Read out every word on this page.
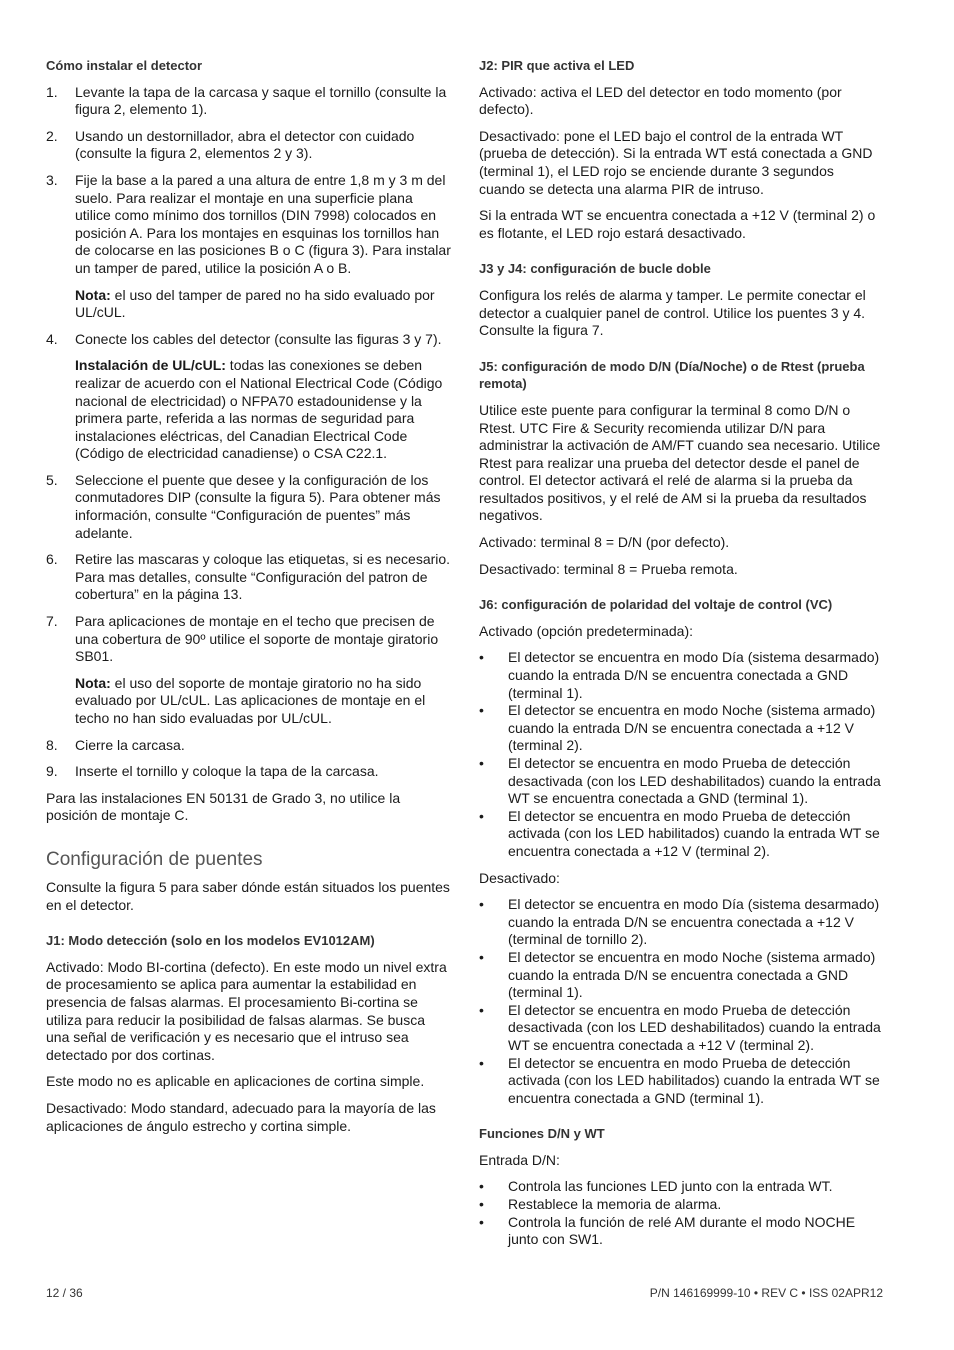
Cómo instalar el detector
1. Levante la tapa de la carcasa y saque el tornillo (consulte la figura 2, elemento 1).

2. Usando un destornillador, abra el detector con cuidado (consulte la figura 2, elementos 2 y 3).

3. Fije la base a la pared a una altura de entre 1,8 m y 3 m del suelo. Para realizar el montaje en una superficie plana utilice como mínimo dos tornillos (DIN 7998) colocados en posición A. Para los montajes en esquinas los tornillos han de colocarse en las posiciones B o C (figura 3). Para instalar un tamper de pared, utilice la posición A o B.

Nota: el uso del tamper de pared no ha sido evaluado por UL/cUL.

4. Conecte los cables del detector (consulte las figuras 3 y 7).

Instalación de UL/cUL: todas las conexiones se deben realizar de acuerdo con el National Electrical Code (Código nacional de electricidad) o NFPA70 estadounidense y la primera parte, referida a las normas de seguridad para instalaciones eléctricas, del Canadian Electrical Code (Código de electricidad canadiense) o CSA C22.1.

5. Seleccione el puente que desee y la configuración de los conmutadores DIP (consulte la figura 5). Para obtener más información, consulte “Configuración de puentes” más adelante.

6. Retire las mascaras y coloque las etiquetas, si es necesario. Para mas detalles, consulte “Configuración del patron de cobertura” en la página 13.

7. Para aplicaciones de montaje en el techo que precisen de una cobertura de 90º utilice el soporte de montaje giratorio SB01.

Nota: el uso del soporte de montaje giratorio no ha sido evaluado por UL/cUL. Las aplicaciones de montaje en el techo no han sido evaluadas por UL/cUL.

8. Cierre la carcasa.

9. Inserte el tornillo y coloque la tapa de la carcasa.

Para las instalaciones EN 50131 de Grado 3, no utilice la posición de montaje C.

Configuración de puentes

Consulte la figura 5 para saber dónde están situados los puentes en el detector.

J1: Modo detección (solo en los modelos EV1012AM)

Activado: Modo BI-cortina (defecto). En este modo un nivel extra de procesamiento se aplica para aumentar la estabilidad en presencia de falsas alarmas. El procesamiento Bi-cortina se utiliza para reducir la posibilidad de falsas alarmas. Se busca una señal de verificación y es necesario que el intruso sea detectado por dos cortinas.

Este modo no es aplicable en aplicaciones de cortina simple.

Desactivado: Modo standard, adecuado para la mayoría de las aplicaciones de ángulo estrecho y cortina simple.

J2: PIR que activa el LED

Activado: activa el LED del detector en todo momento (por defecto).

Desactivado: pone el LED bajo el control de la entrada WT (prueba de detección). Si la entrada WT está conectada a GND (terminal 1), el LED rojo se enciende durante 3 segundos cuando se detecta una alarma PIR de intruso.

Si la entrada WT se encuentra conectada a +12 V (terminal 2) o es flotante, el LED rojo estará desactivado.

J3 y J4: configuración de bucle doble

Configura los relés de alarma y tamper. Le permite conectar el detector a cualquier panel de control. Utilice los puentes 3 y 4. Consulte la figura 7.

J5: configuración de modo D/N (Día/Noche) o de Rtest (prueba remota)

Utilice este puente para configurar la terminal 8 como D/N o Rtest. UTC Fire & Security recomienda utilizar D/N para administrar la activación de AM/FT cuando sea necesario. Utilice Rtest para realizar una prueba del detector desde el panel de control. El detector activará el relé de alarma si la prueba da resultados positivos, y el relé de AM si la prueba da resultados negativos.

Activado: terminal 8 = D/N (por defecto).

Desactivado: terminal 8 = Prueba remota.

J6: configuración de polaridad del voltaje de control (VC)

Activado (opción predeterminada):

• El detector se encuentra en modo Día (sistema desarmado) cuando la entrada D/N se encuentra conectada a GND (terminal 1).
• El detector se encuentra en modo Noche (sistema armado) cuando la entrada D/N se encuentra conectada a +12 V (terminal 2).
• El detector se encuentra en modo Prueba de detección desactivada (con los LED deshabilitados) cuando la entrada WT se encuentra conectada a GND (terminal 1).
• El detector se encuentra en modo Prueba de detección activada (con los LED habilitados) cuando la entrada WT se encuentra conectada a +12 V (terminal 2).

Desactivado:

• El detector se encuentra en modo Día (sistema desarmado) cuando la entrada D/N se encuentra conectada a +12 V (terminal de tornillo 2).
• El detector se encuentra en modo Noche (sistema armado) cuando la entrada D/N se encuentra conectada a GND (terminal 1).
• El detector se encuentra en modo Prueba de detección desactivada (con los LED deshabilitados) cuando la entrada WT se encuentra conectada a +12 V (terminal 2).
• El detector se encuentra en modo Prueba de detección activada (con los LED habilitados) cuando la entrada WT se encuentra conectada a GND (terminal 1).
Funciones D/N y WT

Entrada D/N:

• Controla las funciones LED junto con la entrada WT.
• Restablece la memoria de alarma.
• Controla la función de relé AM durante el modo NOCHE junto con SW1.
12 / 36	P/N 146169999-10 • REV C • ISS 02APR12
